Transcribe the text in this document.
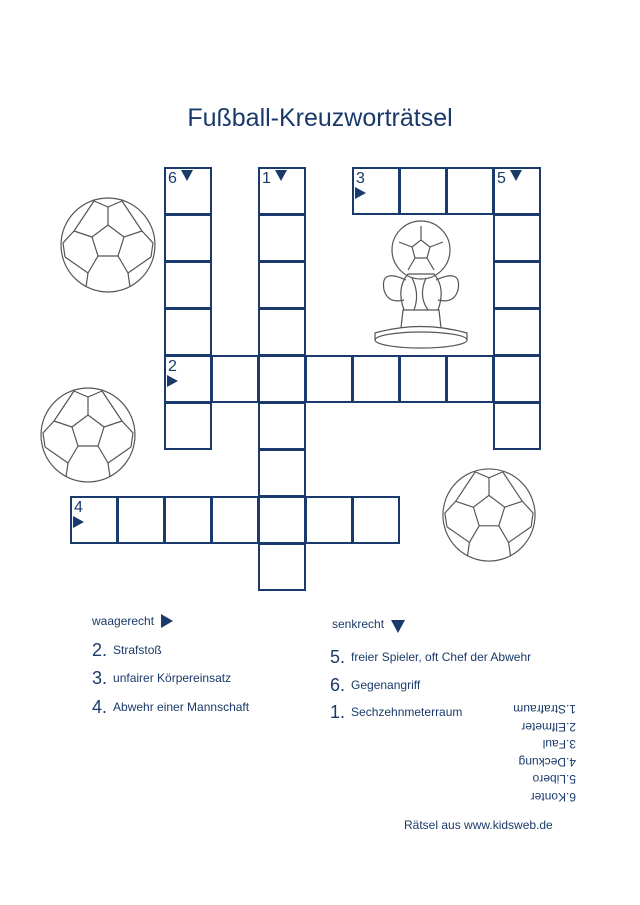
Fußball-Kreuzworträtsel
6	1	3	5
2
4
waagerecht	senkrecht
2. Strafstoß
3. unfairer Körpereinsatz
4. Abwehr einer Mannschaft
5. freier Spieler, oft Chef der Abwehr
6. Gegenangriff
1. Sechzehnmeterraum
6.Konter
5.Libero
4.Deckung
3.Faul
2.Elfmeter
1.Strafraum
Rätsel aus www.kidsweb.de
